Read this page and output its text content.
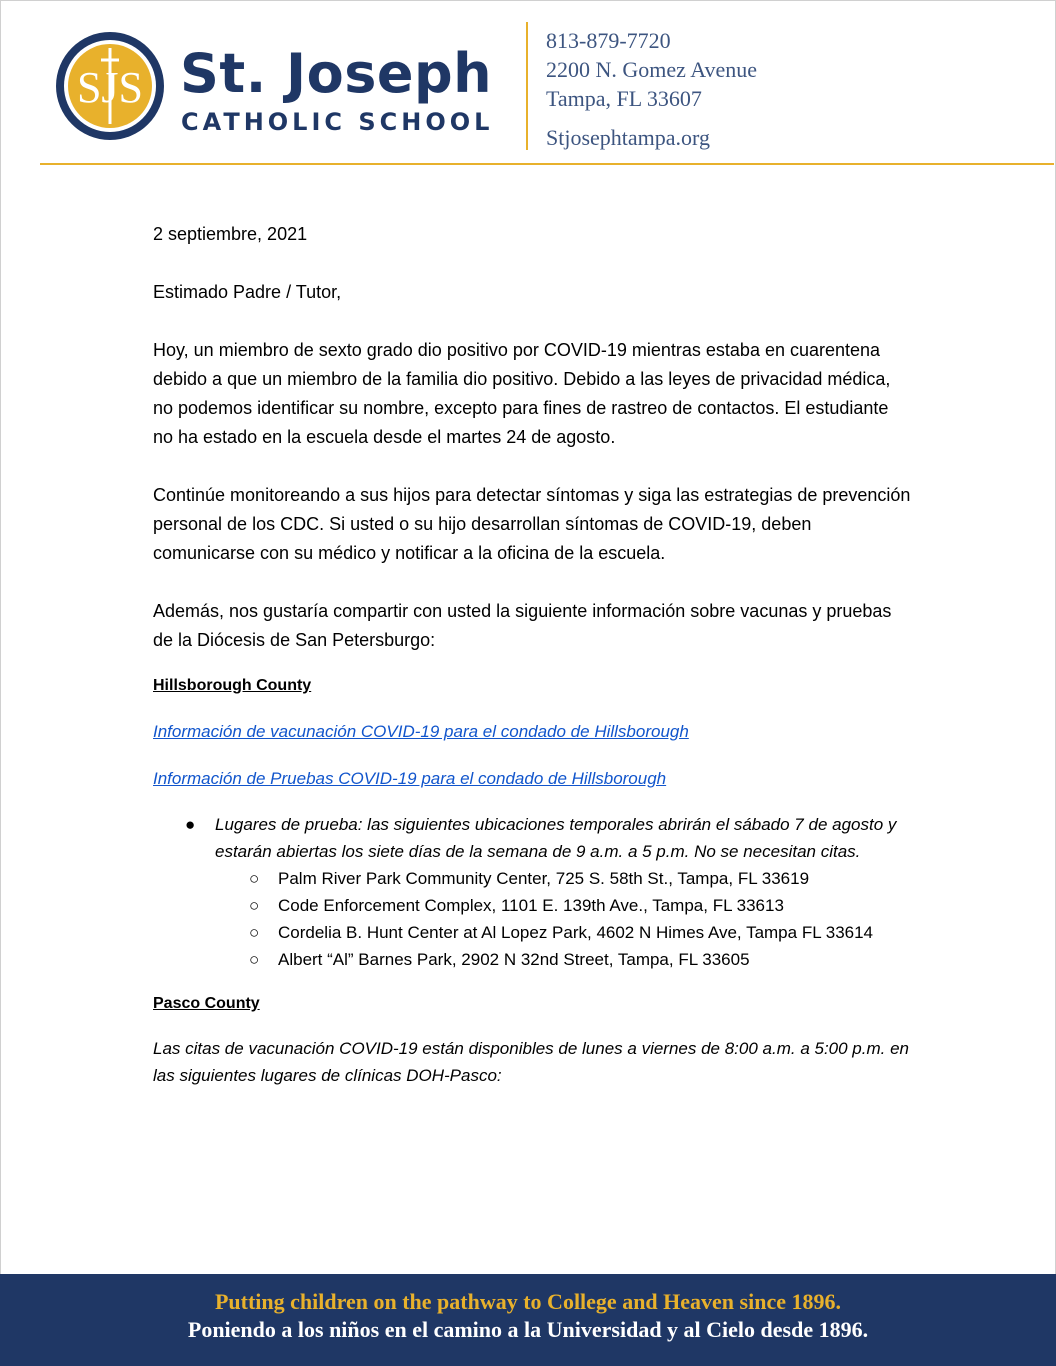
SJS St. Joseph
CATHOLIC SCHOOL
813-879-7720
2200 N. Gomez Avenue
Tampa, FL 33607
Stjosephtampa.org

2 septiembre, 2021

Estimado Padre / Tutor,

Hoy, un miembro de sexto grado dio positivo por COVID-19 mientras estaba en cuarentena debido a que un miembro de la familia dio positivo. Debido a las leyes de privacidad médica, no podemos identificar su nombre, excepto para fines de rastreo de contactos. El estudiante no ha estado en la escuela desde el martes 24 de agosto.

Continúe monitoreando a sus hijos para detectar síntomas y siga las estrategias de prevención personal de los CDC. Si usted o su hijo desarrollan síntomas de COVID-19, deben comunicarse con su médico y notificar a la oficina de la escuela.

Además, nos gustaría compartir con usted la siguiente información sobre vacunas y pruebas de la Diócesis de San Petersburgo:

Hillsborough County

Información de vacunación COVID-19 para el condado de Hillsborough

Información de Pruebas COVID-19 para el condado de Hillsborough

● Lugares de prueba: las siguientes ubicaciones temporales abrirán el sábado 7 de agosto y estarán abiertas los siete días de la semana de 9 a.m. a 5 p.m. No se necesitan citas.
○ Palm River Park Community Center, 725 S. 58th St., Tampa, FL 33619
○ Code Enforcement Complex, 1101 E. 139th Ave., Tampa, FL 33613
○ Cordelia B. Hunt Center at Al Lopez Park, 4602 N Himes Ave, Tampa FL 33614
○ Albert “Al” Barnes Park, 2902 N 32nd Street, Tampa, FL 33605

Pasco County

Las citas de vacunación COVID-19 están disponibles de lunes a viernes de 8:00 a.m. a 5:00 p.m. en las siguientes lugares de clínicas DOH-Pasco:

Putting children on the pathway to College and Heaven since 1896.
Poniendo a los niños en el camino a la Universidad y al Cielo desde 1896.
